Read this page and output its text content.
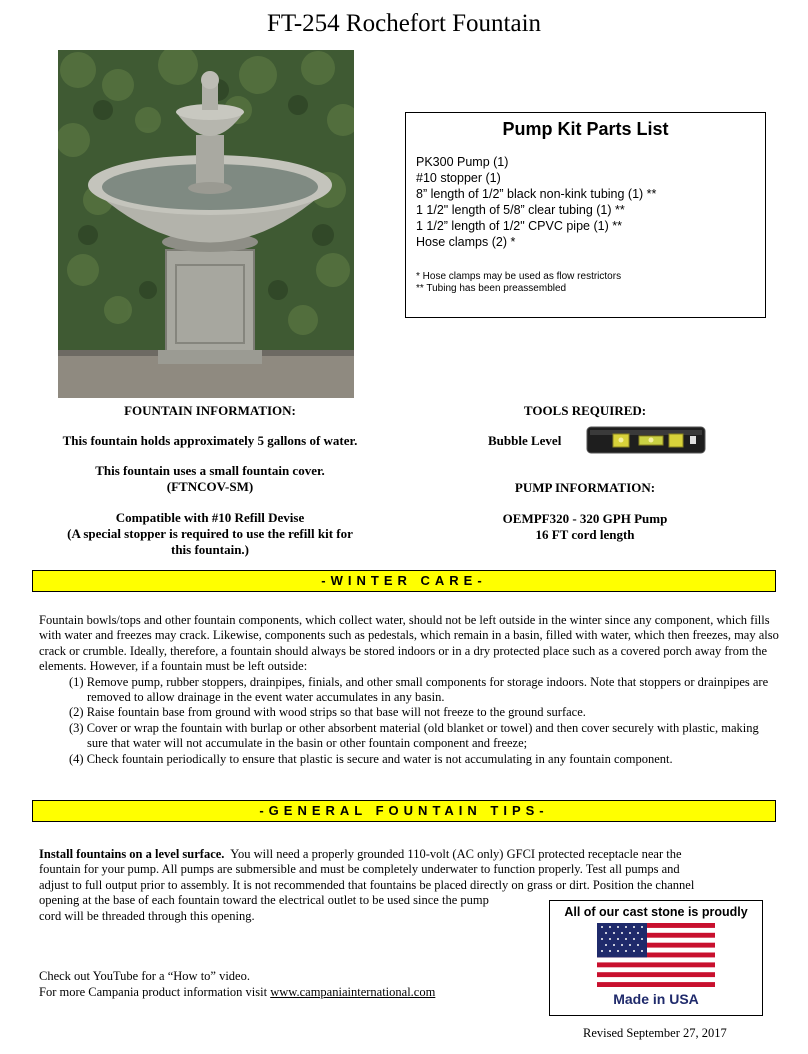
FT-254 Rochefort Fountain
Pump Kit Parts List
PK300 Pump (1)
#10 stopper (1)
8” length of 1/2” black non-kink tubing (1) **
1 1/2" length of 5/8” clear tubing (1) **
1 1/2” length of 1/2" CPVC pipe (1) **
Hose clamps (2) *
* Hose clamps may be used as flow restrictors
** Tubing has been preassembled
FOUNTAIN INFORMATION:
This fountain holds approximately 5 gallons of water.
This fountain uses a small fountain cover.
(FTNCOV-SM)
Compatible with #10 Refill Devise
(A special stopper is required to use the refill kit for
this fountain.)
TOOLS REQUIRED:
Bubble Level
PUMP INFORMATION:
OEMPF320 - 320 GPH Pump
16 FT cord length
-WINTER CARE-
Fountain bowls/tops and other fountain components, which collect water, should not be left outside in the winter since any component, which fills with water and freezes may crack. Likewise, components such as pedestals, which remain in a basin, filled with water, which then freezes, may also crack or crumble. Ideally, therefore, a fountain should always be stored indoors or in a dry protected place such as a covered porch away from the elements. However, if a fountain must be left outside:
(1) Remove pump, rubber stoppers, drainpipes, finials, and other small components for storage indoors. Note that stoppers or drainpipes are removed to allow drainage in the event water accumulates in any basin.
(2) Raise fountain base from ground with wood strips so that base will not freeze to the ground surface.
(3) Cover or wrap the fountain with burlap or other absorbent material (old blanket or towel) and then cover securely with plastic, making sure that water will not accumulate in the basin or other fountain component and freeze;
(4) Check fountain periodically to ensure that plastic is secure and water is not accumulating in any fountain component.
-GENERAL FOUNTAIN TIPS-
Install fountains on a level surface. You will need a properly grounded 110-volt (AC only) GFCI protected receptacle near the
fountain for your pump. All pumps are submersible and must be completely underwater to function properly. Test all pumps and
adjust to full output prior to assembly. It is not recommended that fountains be placed directly on grass or dirt. Position the channel
opening at the base of each fountain toward the electrical outlet to be used since the pump
cord will be threaded through this opening.
Check out YouTube for a “How to” video.
For more Campania product information visit www.campaniainternational.com
All of our cast stone is proudly
Made in USA
Revised September 27, 2017
